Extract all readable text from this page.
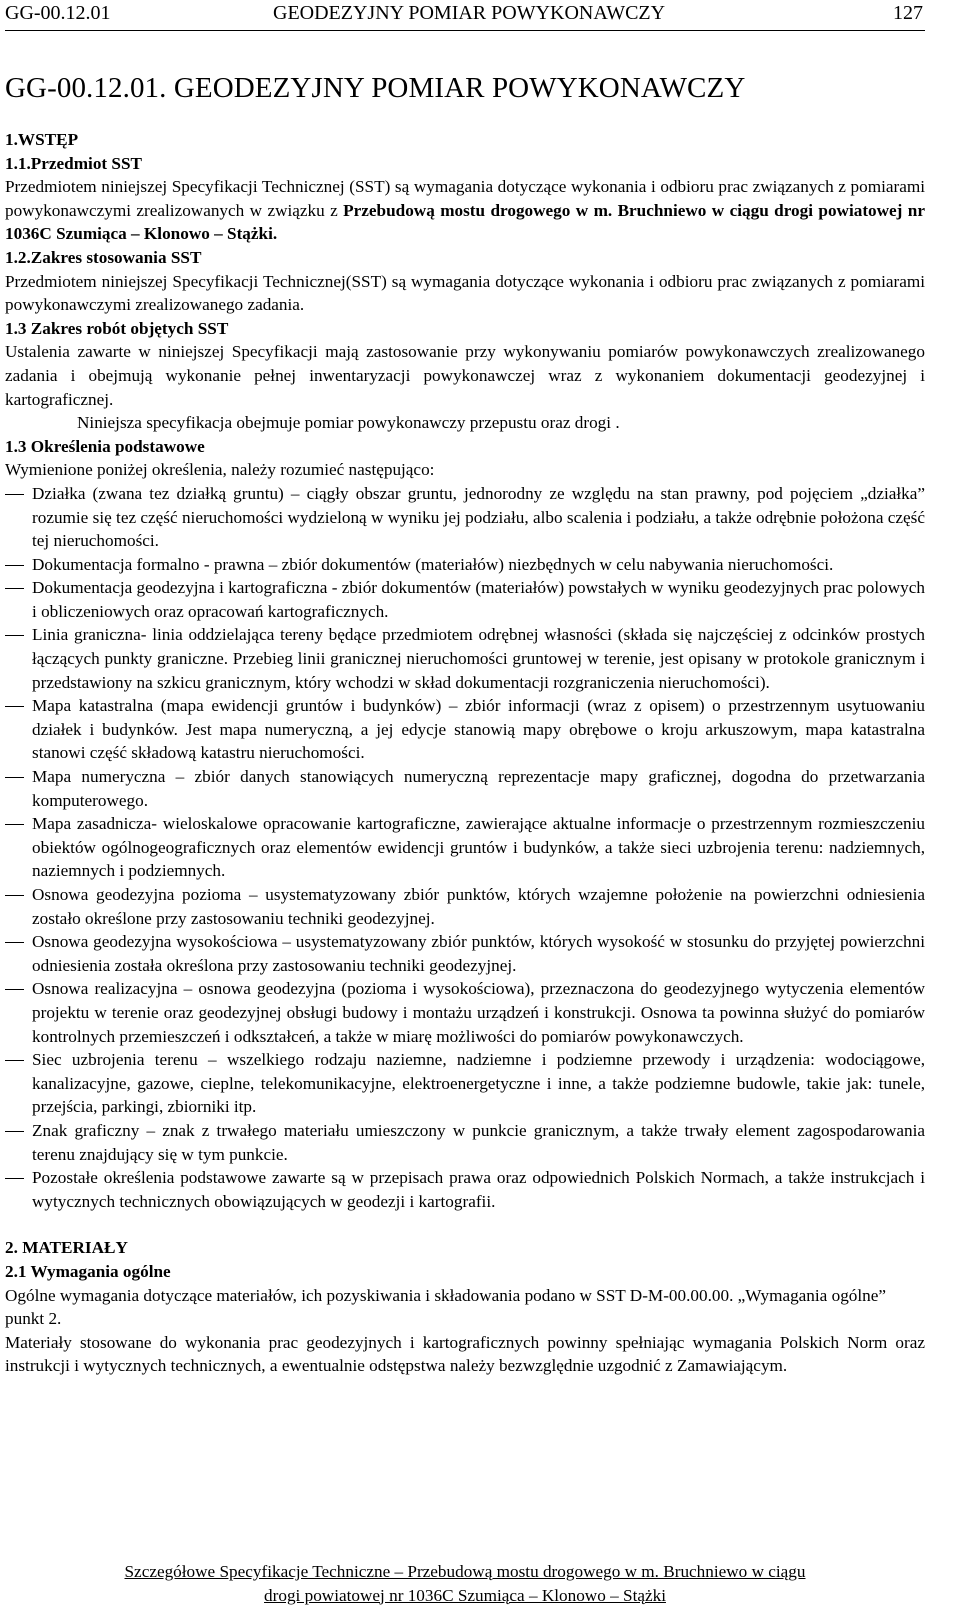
GG-00.12.01	GEODEZYJNY POMIAR POWYKONAWCZY	127
GG-00.12.01. GEODEZYJNY POMIAR POWYKONAWCZY

1.WSTĘP

1.1.Przedmiot SST

Przedmiotem niniejszej Specyfikacji Technicznej (SST) są wymagania dotyczące wykonania i odbioru prac związanych z pomiarami powykonawczymi zrealizowanych w związku z Przebudową mostu drogowego w m. Bruchniewo w ciągu drogi powiatowej nr 1036C Szumiąca – Klonowo – Stążki.

1.2.Zakres stosowania SST

Przedmiotem niniejszej Specyfikacji Technicznej(SST) są wymagania dotyczące wykonania i odbioru prac związanych z pomiarami powykonawczymi zrealizowanego zadania.

1.3 Zakres robót objętych SST

Ustalenia zawarte w niniejszej Specyfikacji mają zastosowanie przy wykonywaniu pomiarów powykonawczych zrealizowanego zadania i obejmują wykonanie pełnej inwentaryzacji powykonawczej wraz z wykonaniem dokumentacji geodezyjnej i kartograficznej.

Niniejsza specyfikacja obejmuje pomiar powykonawczy przepustu oraz drogi .

1.3 Określenia podstawowe

Wymienione poniżej określenia, należy rozumieć następująco:

Działka (zwana tez działką gruntu) – ciągły obszar gruntu, jednorodny ze względu na stan prawny, pod pojęciem „działka” rozumie się tez część nieruchomości wydzieloną w wyniku jej podziału, albo scalenia i podziału, a także odrębnie położona część tej nieruchomości.
Dokumentacja formalno - prawna – zbiór dokumentów (materiałów) niezbędnych w celu nabywania nieruchomości.
Dokumentacja geodezyjna i kartograficzna - zbiór dokumentów (materiałów) powstałych w wyniku geodezyjnych prac polowych i obliczeniowych oraz opracowań kartograficznych.
Linia graniczna- linia oddzielająca tereny będące przedmiotem odrębnej własności (składa się najczęściej z odcinków prostych łączących punkty graniczne. Przebieg linii granicznej nieruchomości gruntowej w terenie, jest opisany w protokole granicznym i przedstawiony na szkicu granicznym, który wchodzi w skład dokumentacji rozgraniczenia nieruchomości).
Mapa katastralna (mapa ewidencji gruntów i budynków) – zbiór informacji (wraz z opisem) o przestrzennym usytuowaniu działek i budynków. Jest mapa numeryczną, a jej edycje stanowią mapy obrębowe o kroju arkuszowym, mapa katastralna stanowi część składową katastru nieruchomości.
Mapa numeryczna – zbiór danych stanowiących numeryczną reprezentacje mapy graficznej, dogodna do przetwarzania komputerowego.
Mapa zasadnicza- wieloskalowe opracowanie kartograficzne, zawierające aktualne informacje o przestrzennym rozmieszczeniu obiektów ogólnogeograficznych oraz elementów ewidencji gruntów i budynków, a także sieci uzbrojenia terenu: nadziemnych, naziemnych i podziemnych.
Osnowa geodezyjna pozioma – usystematyzowany zbiór punktów, których wzajemne położenie na powierzchni odniesienia zostało określone przy zastosowaniu techniki geodezyjnej.
Osnowa geodezyjna wysokościowa – usystematyzowany zbiór punktów, których wysokość w stosunku do przyjętej powierzchni odniesienia została określona przy zastosowaniu techniki geodezyjnej.
Osnowa realizacyjna – osnowa geodezyjna (pozioma i wysokościowa), przeznaczona do geodezyjnego wytyczenia elementów projektu w terenie oraz geodezyjnej obsługi budowy i montażu urządzeń i konstrukcji. Osnowa ta powinna służyć do pomiarów kontrolnych przemieszczeń i odkształceń, a także w miarę możliwości do pomiarów powykonawczych.
Siec uzbrojenia terenu – wszelkiego rodzaju naziemne, nadziemne i podziemne przewody i urządzenia: wodociągowe, kanalizacyjne, gazowe, cieplne, telekomunikacyjne, elektroenergetyczne i inne, a także podziemne budowle, takie jak: tunele, przejścia, parkingi, zbiorniki itp.
Znak graficzny – znak z trwałego materiału umieszczony w punkcie granicznym, a także trwały element zagospodarowania terenu znajdujący się w tym punkcie.
Pozostałe określenia podstawowe zawarte są w przepisach prawa oraz odpowiednich Polskich Normach, a także instrukcjach i wytycznych technicznych obowiązujących w geodezji i kartografii.

2. MATERIAŁY

2.1 Wymagania ogólne

Ogólne wymagania dotyczące materiałów, ich pozyskiwania i składowania podano w SST D-M-00.00.00. „Wymagania ogólne” punkt 2.

Materiały stosowane do wykonania prac geodezyjnych i kartograficznych powinny spełniając wymagania Polskich Norm oraz instrukcji i wytycznych technicznych, a ewentualnie odstępstwa należy bezwzględnie uzgodnić z Zamawiającym.

Szczegółowe Specyfikacje Techniczne – Przebudową mostu drogowego w m. Bruchniewo w ciągu
drogi powiatowej nr 1036C Szumiąca – Klonowo – Stążki
